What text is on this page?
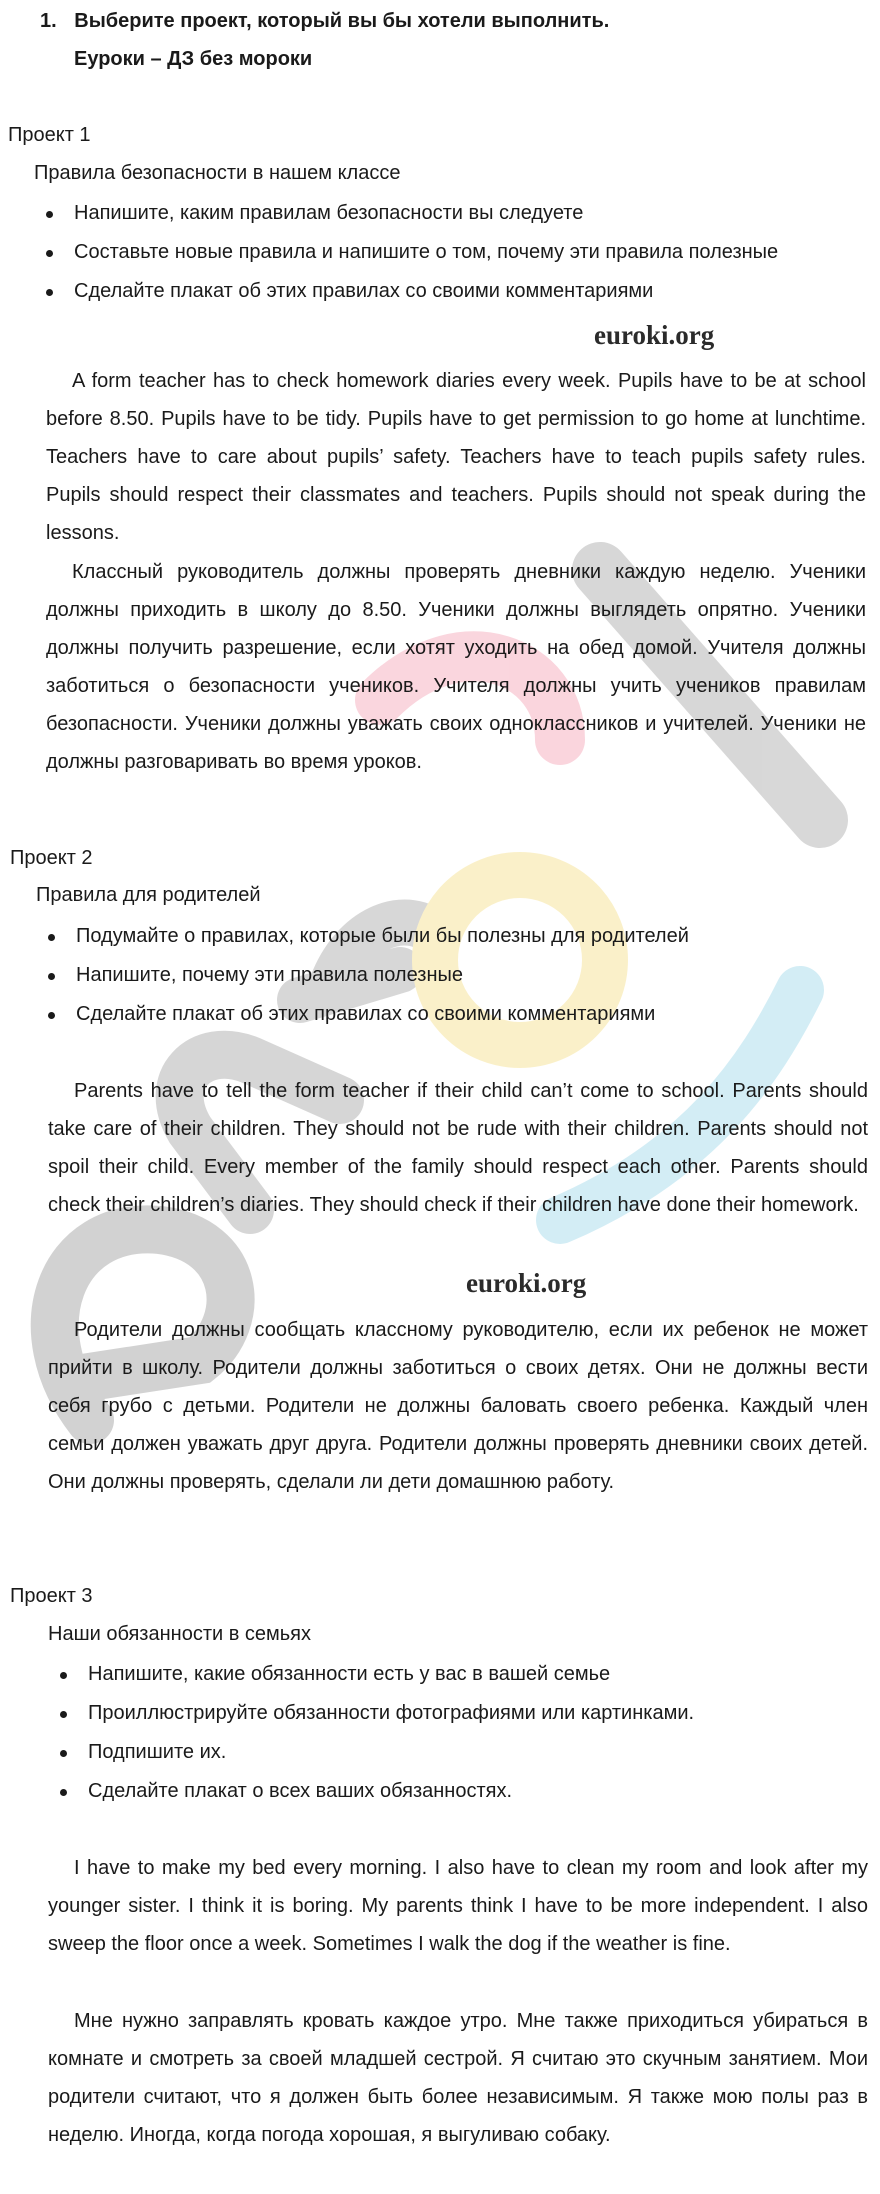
1. Выберите проект, который вы бы хотели выполнить.
Еуроки – ДЗ без мороки
Проект 1
Правила безопасности в нашем классе
Напишите, каким правилам безопасности вы следуете
Составьте новые правила и напишите о том, почему эти правила полезные
Сделайте плакат об этих правилах со своими комментариями
euroki.org

A form teacher has to check homework diaries every week. Pupils have to be at school before 8.50. Pupils have to be tidy. Pupils have to get permission to go home at lunchtime. Teachers have to care about pupils’ safety. Teachers have to teach pupils safety rules. Pupils should respect their classmates and teachers. Pupils should not speak during the lessons.

Классный руководитель должны проверять дневники каждую неделю. Ученики должны приходить в школу до 8.50. Ученики должны выглядеть опрятно. Ученики должны получить разрешение, если хотят уходить на обед домой. Учителя должны заботиться о безопасности учеников. Учителя должны учить учеников правилам безопасности. Ученики должны уважать своих одноклассников и учителей. Ученики не должны разговаривать во время уроков.

Проект 2
Правила для родителей
Подумайте о правилах, которые были бы полезны для родителей
Напишите, почему эти правила полезные
Сделайте плакат об этих правилах со своими комментариями

Parents have to tell the form teacher if their child can’t come to school. Parents should take care of their children. They should not be rude with their children. Parents should not spoil their child. Every member of the family should respect each other. Parents should check their children’s diaries. They should check if their children have done their homework.

euroki.org

Родители должны сообщать классному руководителю, если их ребенок не может прийти в школу. Родители должны заботиться о своих детях. Они не должны вести себя грубо с детьми. Родители не должны баловать своего ребенка. Каждый член семьи должен уважать друг друга. Родители должны проверять дневники своих детей. Они должны проверять, сделали ли дети домашнюю работу.

Проект 3
Наши обязанности в семьях
Напишите, какие обязанности есть у вас в вашей семье
Проиллюстрируйте обязанности фотографиями или картинками.
Подпишите их.
Сделайте плакат о всех ваших обязанностях.

I have to make my bed every morning. I also have to clean my room and look after my younger sister. I think it is boring. My parents think I have to be more independent. I also sweep the floor once a week. Sometimes I walk the dog if the weather is fine.

Мне нужно заправлять кровать каждое утро. Мне также приходиться убираться в комнате и смотреть за своей младшей сестрой. Я считаю это скучным занятием. Мои родители считают, что я должен быть более независимым. Я также мою полы раз в неделю. Иногда, когда погода хорошая, я выгуливаю собаку.
